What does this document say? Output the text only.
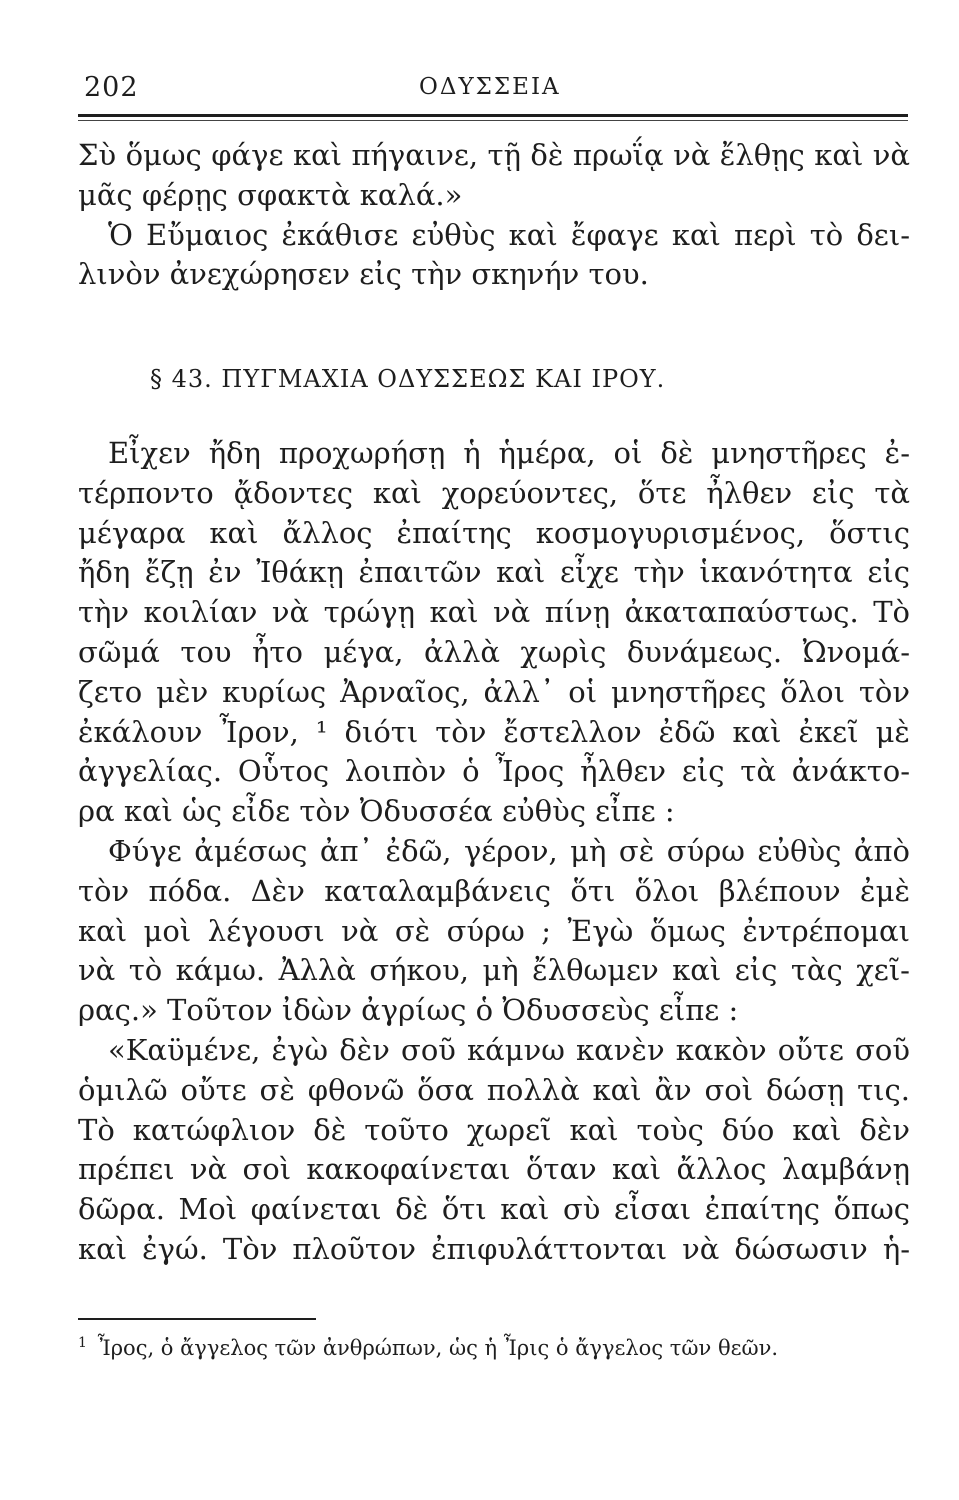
202	ΟΔΥΣΣΕΙΑ
Σὺ ὅμως φάγε καὶ πήγαινε, τῇ δὲ πρωΐᾳ νὰ ἔλθῃς καὶ νὰ
μᾶς φέρῃς σφακτὰ καλά.»
Ὁ Εὔμαιος ἐκάθισε εὐθὺς καὶ ἔφαγε καὶ περὶ τὸ δει-
λινὸν ἀνεχώρησεν εἰς τὴν σκηνήν του.
§ 43. ΠΥΓΜΑΧΙΑ ΟΔΥΣΣΕΩΣ ΚΑΙ ΙΡΟΥ.
Εἶχεν ἤδη προχωρήσῃ ἡ ἡμέρα, οἱ δὲ μνηστῆρες ἐ-
τέρποντο ᾄδοντες καὶ χορεύοντες, ὅτε ἦλθεν εἰς τὰ
μέγαρα καὶ ἄλλος ἐπαίτης κοσμογυρισμένος, ὅστις
ἤδη ἔζῃ ἐν Ἰθάκῃ ἐπαιτῶν καὶ εἶχε τὴν ἱκανότητα εἰς
τὴν κοιλίαν νὰ τρώγῃ καὶ νὰ πίνῃ ἀκαταπαύστως. Τὸ
σῶμά του ἦτο μέγα, ἀλλὰ χωρὶς δυνάμεως. Ὠνομά-
ζετο μὲν κυρίως Ἀρναῖος, ἀλλ᾽ οἱ μνηστῆρες ὅλοι τὸν
ἐκάλουν Ἶρον, ¹ διότι τὸν ἔστελλον ἐδῶ καὶ ἐκεῖ μὲ
ἀγγελίας. Οὗτος λοιπὸν ὁ Ἶρος ἦλθεν εἰς τὰ ἀνάκτο-
ρα καὶ ὡς εἶδε τὸν Ὀδυσσέα εὐθὺς εἶπε :
Φύγε ἀμέσως ἀπ᾽ ἐδῶ, γέρον, μὴ σὲ σύρω εὐθὺς ἀπὸ
τὸν πόδα. Δὲν καταλαμβάνεις ὅτι ὅλοι βλέπουν ἐμὲ
καὶ μοὶ λέγουσι νὰ σὲ σύρω ; Ἐγὼ ὅμως ἐντρέπομαι
νὰ τὸ κάμω. Ἀλλὰ σήκου, μὴ ἔλθωμεν καὶ εἰς τὰς χεῖ-
ρας.» Τοῦτον ἰδὼν ἀγρίως ὁ Ὀδυσσεὺς εἶπε :
«Καϋμένε, ἐγὼ δὲν σοῦ κάμνω κανὲν κακὸν οὔτε σοῦ
ὁμιλῶ οὔτε σὲ φθονῶ ὅσα πολλὰ καὶ ἂν σοὶ δώσῃ τις.
Τὸ κατώφλιον δὲ τοῦτο χωρεῖ καὶ τοὺς δύο καὶ δὲν
πρέπει νὰ σοὶ κακοφαίνεται ὅταν καὶ ἄλλος λαμβάνῃ
δῶρα. Μοὶ φαίνεται δὲ ὅτι καὶ σὺ εἶσαι ἐπαίτης ὅπως
καὶ ἐγώ. Τὸν πλοῦτον ἐπιφυλάττονται νὰ δώσωσιν ἡ-
$^1$ Ἶρος, ὁ ἄγγελος τῶν ἀνθρώπων, ὡς ἡ Ἶρις ὁ ἄγγελος τῶν θεῶν.
